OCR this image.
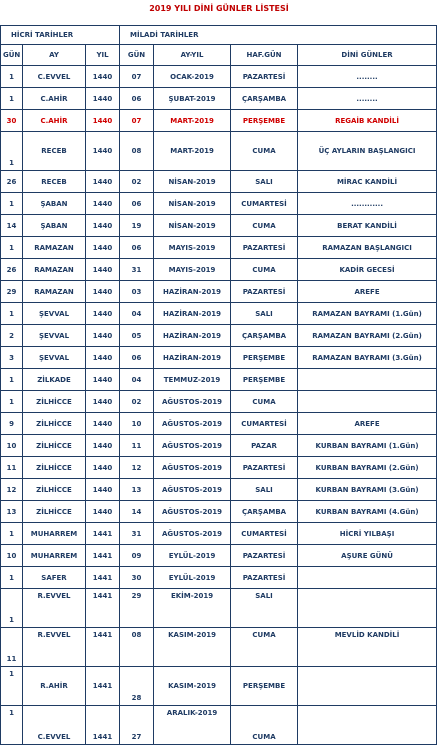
2019 YILI DİNİ GÜNLER LİSTESİ
HİCRİ TARİHLER			MİLADİ TARİHLER			
GÜN	AY	YIL	GÜN	AY-YIL	HAF.GÜN	DİNİ GÜNLER
1	C.EVVEL	1440	07	OCAK-2019	PAZARTESİ	........
1	C.AHİR	1440	06	ŞUBAT-2019	ÇARŞAMBA	........
30	C.AHİR	1440	07	MART-2019	PERŞEMBE	REGAİB KANDİLİ
1	RECEB	1440	08	MART-2019	CUMA	ÜÇ AYLARIN BAŞLANGICI
26	RECEB	1440	02	NİSAN-2019	SALI	MİRAC KANDİLİ
1	ŞABAN	1440	06	NİSAN-2019	CUMARTESİ	............
14	ŞABAN	1440	19	NİSAN-2019	CUMA	BERAT KANDİLİ
1	RAMAZAN	1440	06	MAYIS-2019	PAZARTESİ	RAMAZAN BAŞLANGICI
26	RAMAZAN	1440	31	MAYIS-2019	CUMA	KADİR GECESİ
29	RAMAZAN	1440	03	HAZİRAN-2019	PAZARTESİ	AREFE
1	ŞEVVAL	1440	04	HAZİRAN-2019	SALI	RAMAZAN BAYRAMI (1.Gün)
2	ŞEVVAL	1440	05	HAZİRAN-2019	ÇARŞAMBA	RAMAZAN BAYRAMI (2.Gün)
3	ŞEVVAL	1440	06	HAZİRAN-2019	PERŞEMBE	RAMAZAN BAYRAMI (3.Gün)
1	ZİLKADE	1440	04	TEMMUZ-2019	PERŞEMBE	
1	ZİLHİCCE	1440	02	AĞUSTOS-2019	CUMA	
9	ZİLHİCCE	1440	10	AĞUSTOS-2019	CUMARTESİ	AREFE
10	ZİLHİCCE	1440	11	AĞUSTOS-2019	PAZAR	KURBAN BAYRAMI (1.Gün)
11	ZİLHİCCE	1440	12	AĞUSTOS-2019	PAZARTESİ	KURBAN BAYRAMI (2.Gün)
12	ZİLHİCCE	1440	13	AĞUSTOS-2019	SALI	KURBAN BAYRAMI (3.Gün)
13	ZİLHİCCE	1440	14	AĞUSTOS-2019	ÇARŞAMBA	KURBAN BAYRAMI (4.Gün)
1	MUHARREM	1441	31	AĞUSTOS-2019	CUMARTESİ	HİCRİ YILBAŞI
10	MUHARREM	1441	09	EYLÜL-2019	PAZARTESİ	AŞURE GÜNÜ
1	SAFER	1441	30	EYLÜL-2019	PAZARTESİ	
1	R.EVVEL	1441	29	EKİM-2019	SALI	
11	R.EVVEL	1441	08	KASIM-2019	CUMA	MEVLİD KANDİLİ
1	R.AHİR	1441	28	KASIM-2019	PERŞEMBE	
1	C.EVVEL	1441	27	ARALIK-2019	CUMA	
